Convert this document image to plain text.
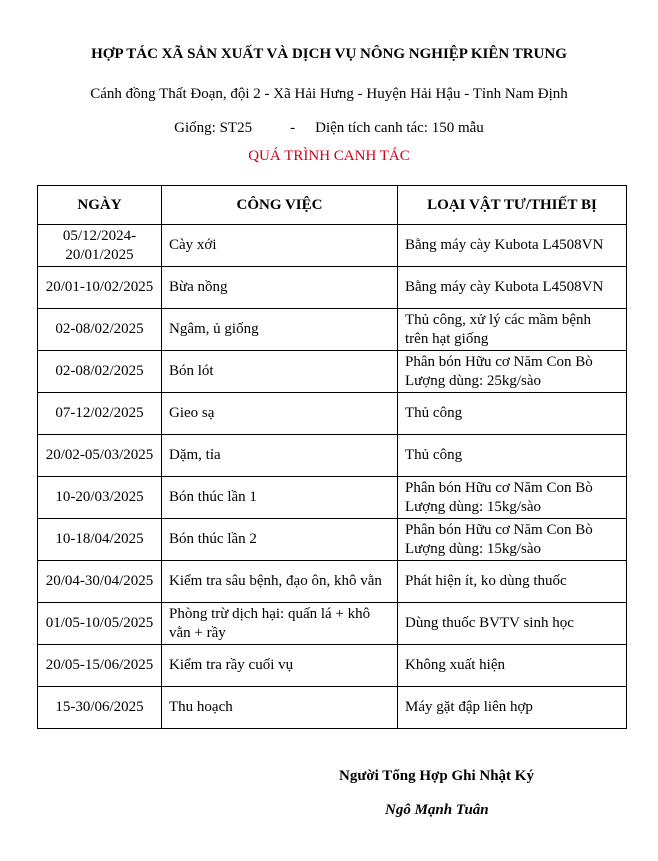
HỢP TÁC XÃ SẢN XUẤT VÀ DỊCH VỤ NÔNG NGHIỆP KIÊN TRUNG
Cánh đồng Thất Đoạn, đội 2 - Xã Hải Hưng - Huyện Hải Hậu - Tỉnh Nam Định
Giống: ST25	- Diện tích canh tác: 150 mẫu
QUÁ TRÌNH CANH TÁC
NGÀY	CÔNG VIỆC	LOẠI VẬT TƯ/THIẾT BỊ

05/12/2024-
20/01/2025	Cày xới	Bằng máy cày Kubota L4508VN

20/01-10/02/2025	Bừa nồng	Bằng máy cày Kubota L4508VN

02-08/02/2025	Ngâm, ủ giống	Thủ công, xử lý các mầm bệnh
trên hạt giống

02-08/02/2025	Bón lót	Phân bón Hữu cơ Năm Con Bò
Lượng dùng: 25kg/sào

07-12/02/2025	Gieo sạ	Thủ công

20/02-05/03/2025	Dặm, tỉa	Thủ công

10-20/03/2025	Bón thúc lần 1	Phân bón Hữu cơ Năm Con Bò
Lượng dùng: 15kg/sào

10-18/04/2025	Bón thúc lần 2	Phân bón Hữu cơ Năm Con Bò
Lượng dùng: 15kg/sào

20/04-30/04/2025	Kiểm tra sâu bệnh, đạo ôn, khô vằn	Phát hiện ít, ko dùng thuốc

01/05-10/05/2025	Phòng trừ dịch hại: quấn lá + khô
vằn + rầy	Dùng thuốc BVTV sinh học

20/05-15/06/2025	Kiểm tra rầy cuối vụ	Không xuất hiện

15-30/06/2025	Thu hoạch	Máy gặt đập liên hợp
Người Tổng Hợp Ghi Nhật Ký
Ngô Mạnh Tuân
